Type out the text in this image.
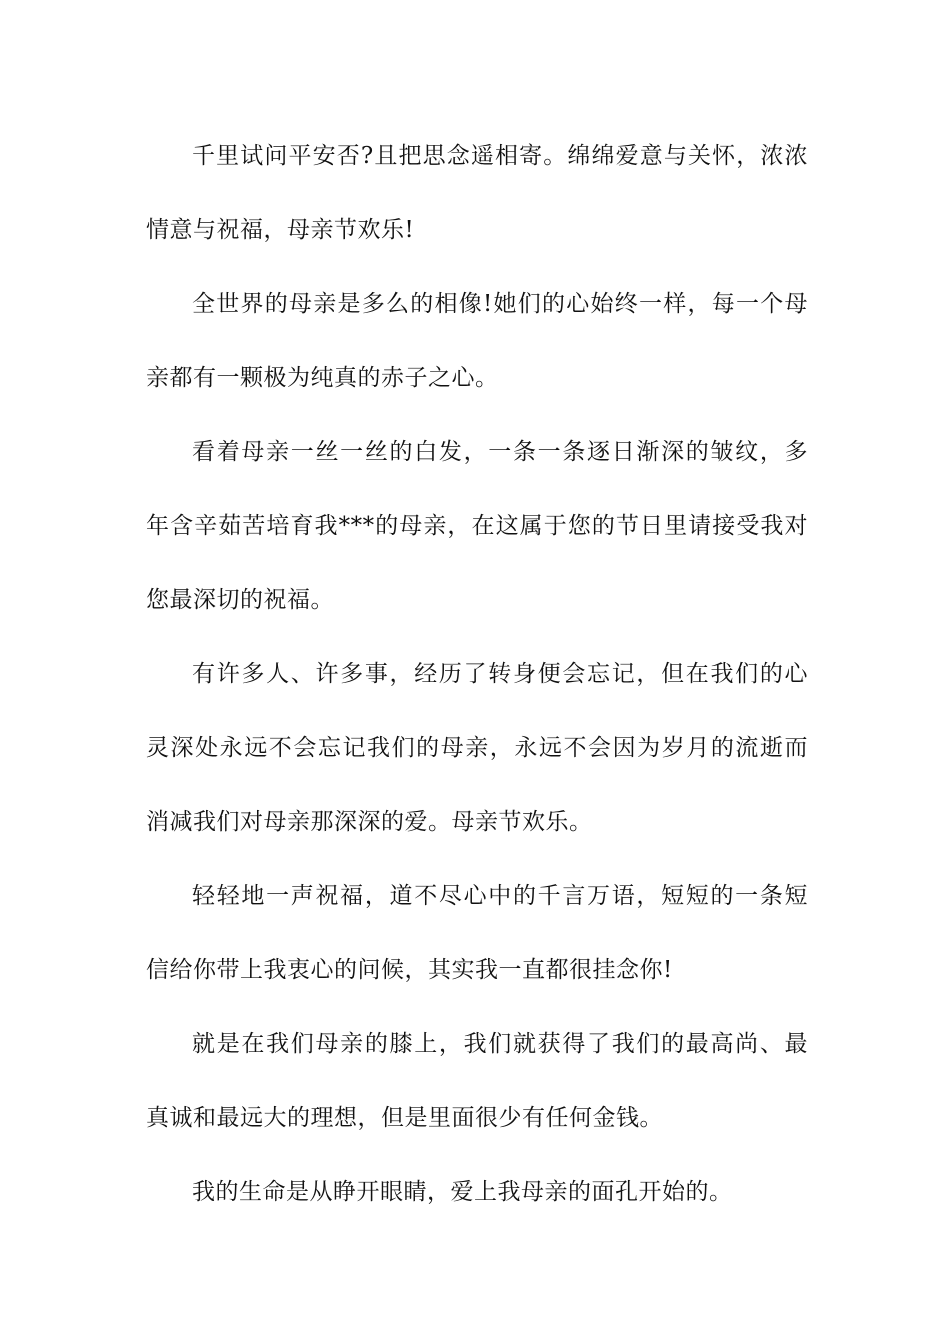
千里试问平安否?且把思念遥相寄。绵绵爱意与关怀，浓浓
情意与祝福，母亲节欢乐!
全世界的母亲是多么的相像!她们的心始终一样，每一个母
亲都有一颗极为纯真的赤子之心。
看着母亲一丝一丝的白发，一条一条逐日渐深的皱纹，多
年含辛茹苦培育我***的母亲，在这属于您的节日里请接受我对
您最深切的祝福。
有许多人、许多事，经历了转身便会忘记，但在我们的心
灵深处永远不会忘记我们的母亲，永远不会因为岁月的流逝而
消减我们对母亲那深深的爱。母亲节欢乐。
轻轻地一声祝福，道不尽心中的千言万语，短短的一条短
信给你带上我衷心的问候，其实我一直都很挂念你!
就是在我们母亲的膝上，我们就获得了我们的最高尚、最
真诚和最远大的理想，但是里面很少有任何金钱。
我的生命是从睁开眼睛，爱上我母亲的面孔开始的。
